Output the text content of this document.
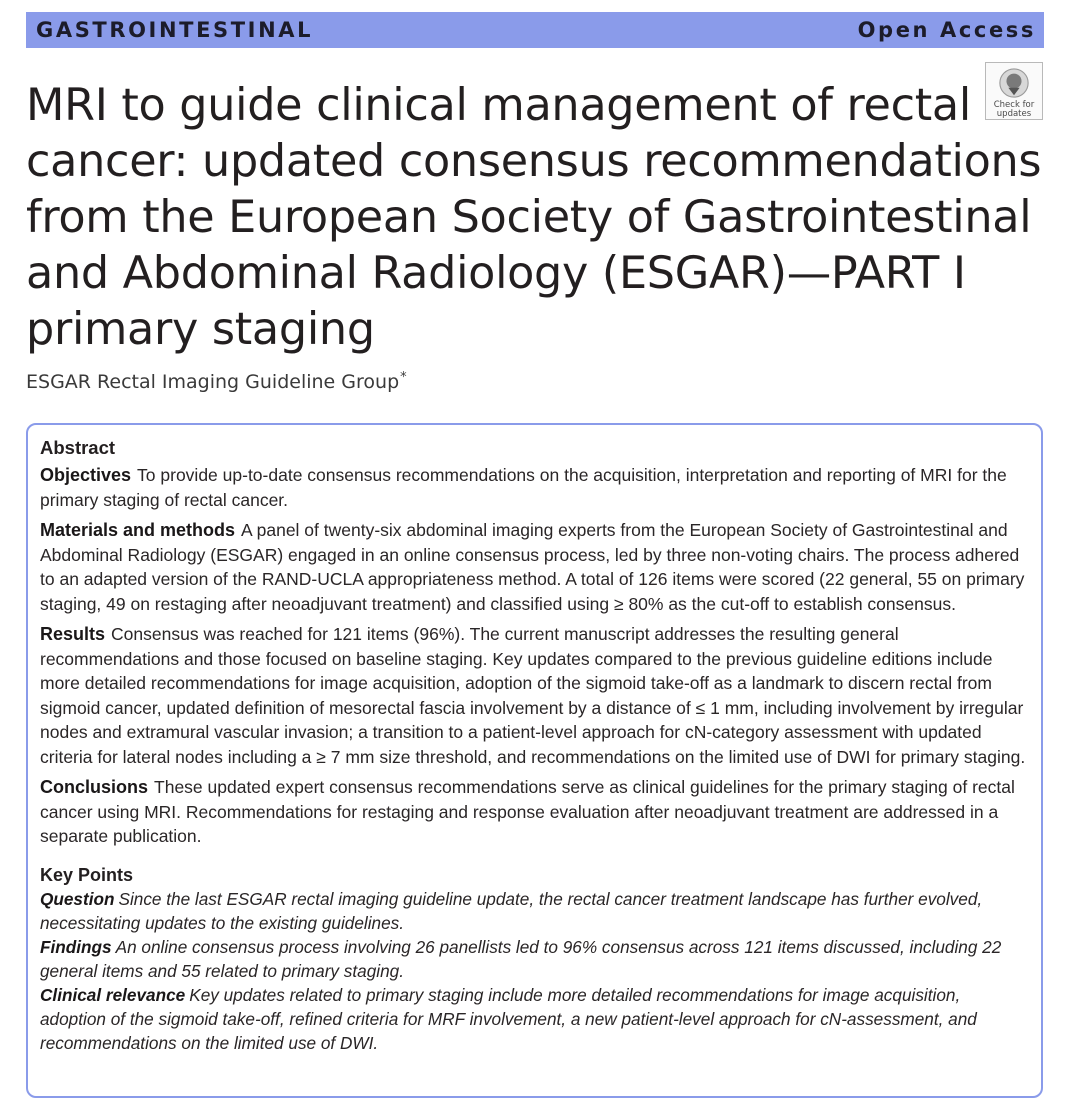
GASTROINTESTINAL	Open Access
Check for
updates
MRI to guide clinical management of rectal cancer: updated consensus recommendations from the European Society of Gastrointestinal and Abdominal Radiology (ESGAR)—PART I primary staging
ESGAR Rectal Imaging Guideline Group*
Abstract
Objectives To provide up-to-date consensus recommendations on the acquisition, interpretation and reporting of MRI for the primary staging of rectal cancer.
Materials and methods A panel of twenty-six abdominal imaging experts from the European Society of Gastrointestinal and Abdominal Radiology (ESGAR) engaged in an online consensus process, led by three non-voting chairs. The process adhered to an adapted version of the RAND-UCLA appropriateness method. A total of 126 items were scored (22 general, 55 on primary staging, 49 on restaging after neoadjuvant treatment) and classified using ≥ 80% as the cut-off to establish consensus.
Results Consensus was reached for 121 items (96%). The current manuscript addresses the resulting general recommendations and those focused on baseline staging. Key updates compared to the previous guideline editions include more detailed recommendations for image acquisition, adoption of the sigmoid take-off as a landmark to discern rectal from sigmoid cancer, updated definition of mesorectal fascia involvement by a distance of ≤ 1 mm, including involvement by irregular nodes and extramural vascular invasion; a transition to a patient-level approach for cN-category assessment with updated criteria for lateral nodes including a ≥ 7 mm size threshold, and recommendations on the limited use of DWI for primary staging.
Conclusions These updated expert consensus recommendations serve as clinical guidelines for the primary staging of rectal cancer using MRI. Recommendations for restaging and response evaluation after neoadjuvant treatment are addressed in a separate publication.
Key Points
Question Since the last ESGAR rectal imaging guideline update, the rectal cancer treatment landscape has further evolved, necessitating updates to the existing guidelines.
Findings An online consensus process involving 26 panellists led to 96% consensus across 121 items discussed, including 22 general items and 55 related to primary staging.
Clinical relevance Key updates related to primary staging include more detailed recommendations for image acquisition, adoption of the sigmoid take-off, refined criteria for MRF involvement, a new patient-level approach for cN-assessment, and recommendations on the limited use of DWI.
